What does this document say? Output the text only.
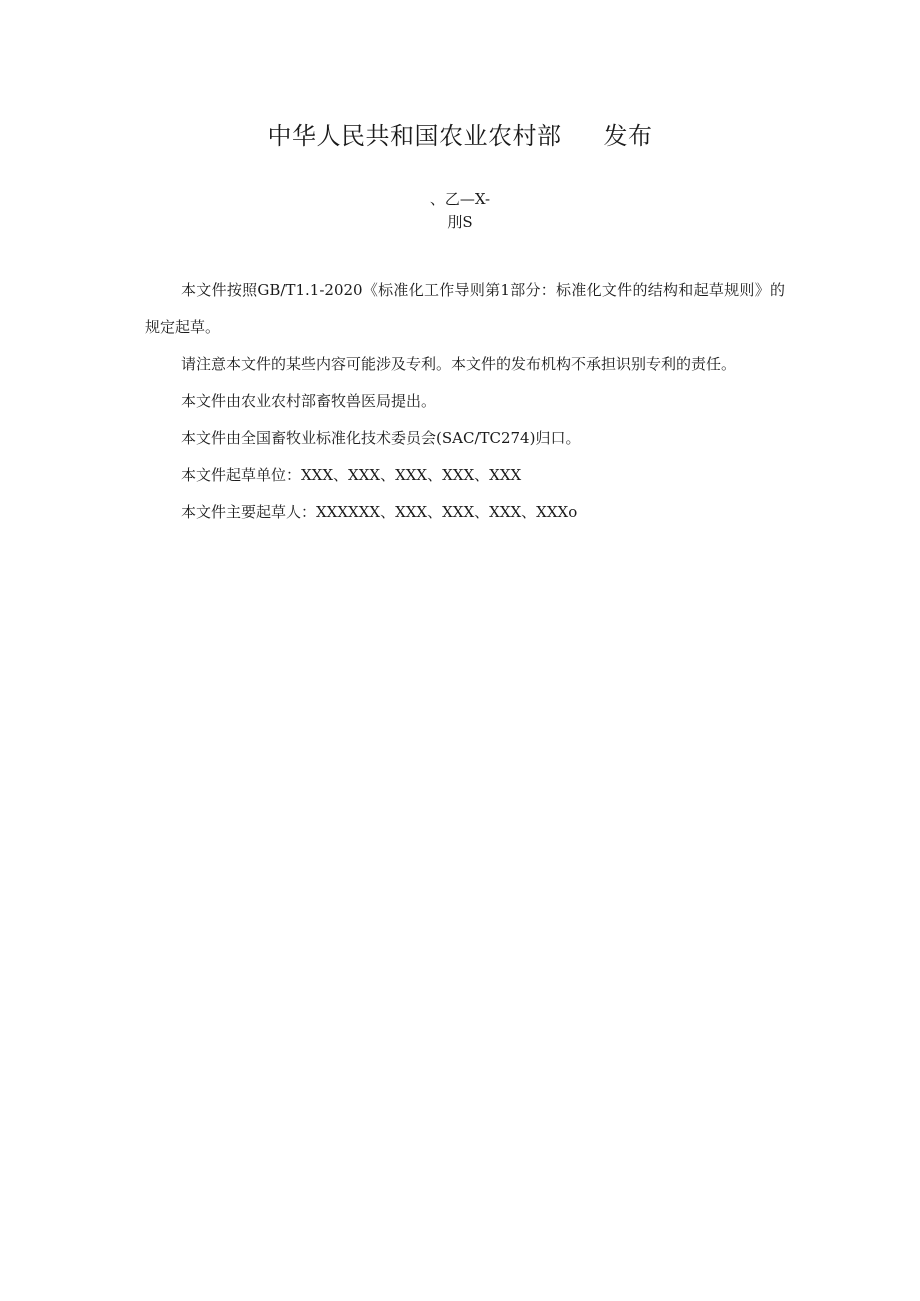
中华人民共和国农业农村部 发布
、乙—X-
刖S

本文件按照GB/T1.1-2020《标准化工作导则第1部分：标准化文件的结构和起草规则》的规定起草。

请注意本文件的某些内容可能涉及专利。本文件的发布机构不承担识别专利的责任。

本文件由农业农村部畜牧兽医局提出。

本文件由全国畜牧业标准化技术委员会(SAC/TC274)归口。

本文件起草单位：XXX、XXX、XXX、XXX、XXX

本文件主要起草人：XXXXXX、XXX、XXX、XXX、XXXo
